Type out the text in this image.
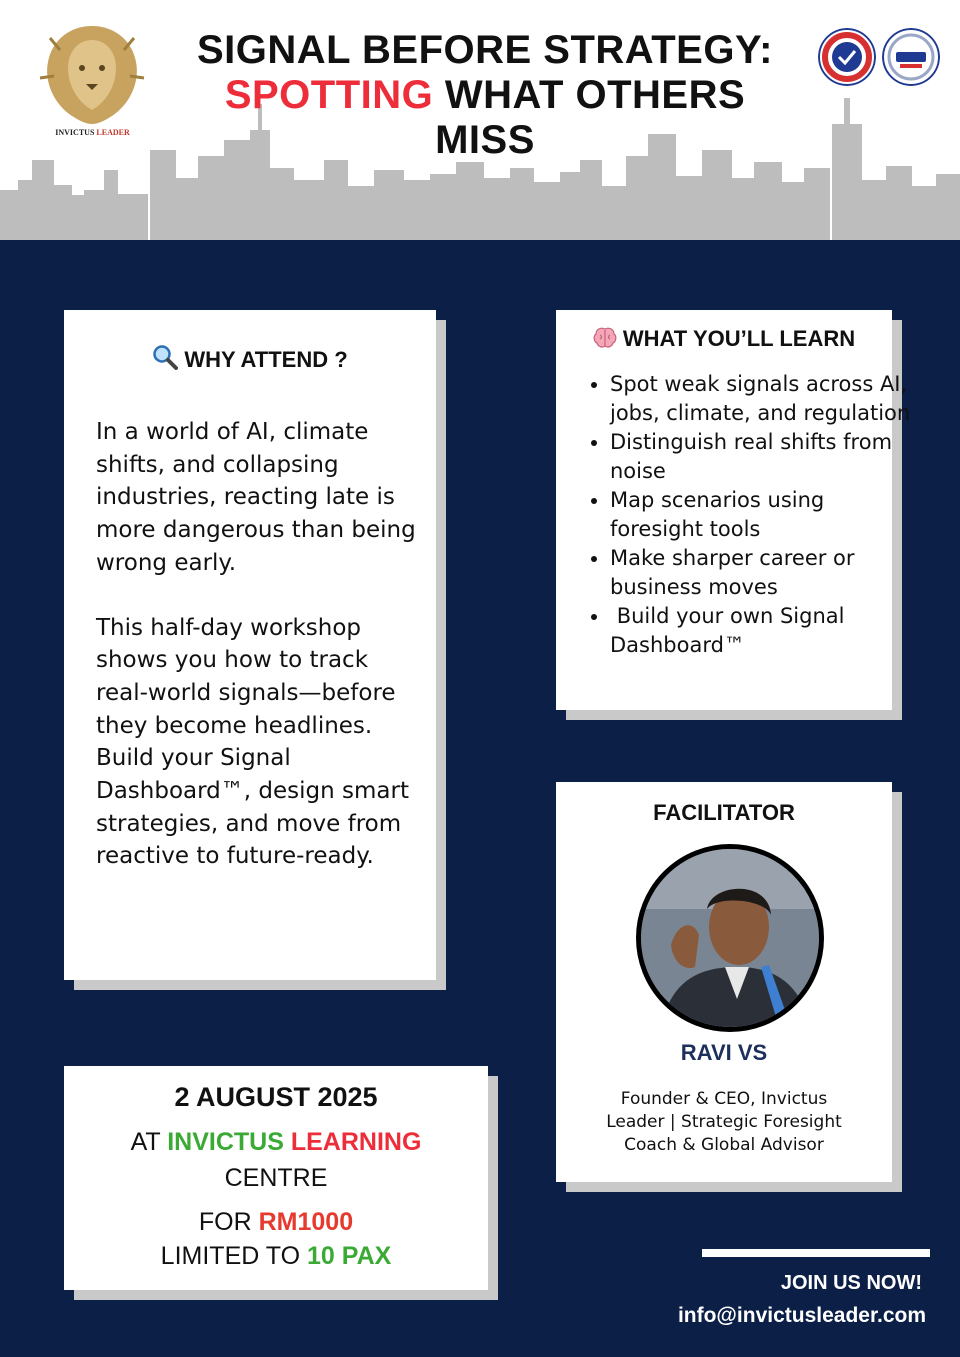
INVICTUS LEADER
SIGNAL BEFORE STRATEGY:
SPOTTING WHAT OTHERS
MISS
WHY ATTEND ?

In a world of AI, climate shifts, and collapsing industries, reacting late is more dangerous than being wrong early.

This half-day workshop shows you how to track real-world signals—before they become headlines.
Build your Signal Dashboard™, design smart strategies, and move from reactive to future-ready.
WHAT YOU’LL LEARN
• Spot weak signals across AI, jobs, climate, and regulation
• Distinguish real shifts from noise
• Map scenarios using foresight tools
• Make sharper career or business moves
•  Build your own Signal Dashboard™
FACILITATOR
RAVI VS
Founder & CEO, Invictus Leader | Strategic Foresight Coach & Global Advisor
2 AUGUST 2025
AT INVICTUS LEARNING
CENTRE
FOR RM1000
LIMITED TO 10 PAX
JOIN US NOW!
info@invictusleader.com
